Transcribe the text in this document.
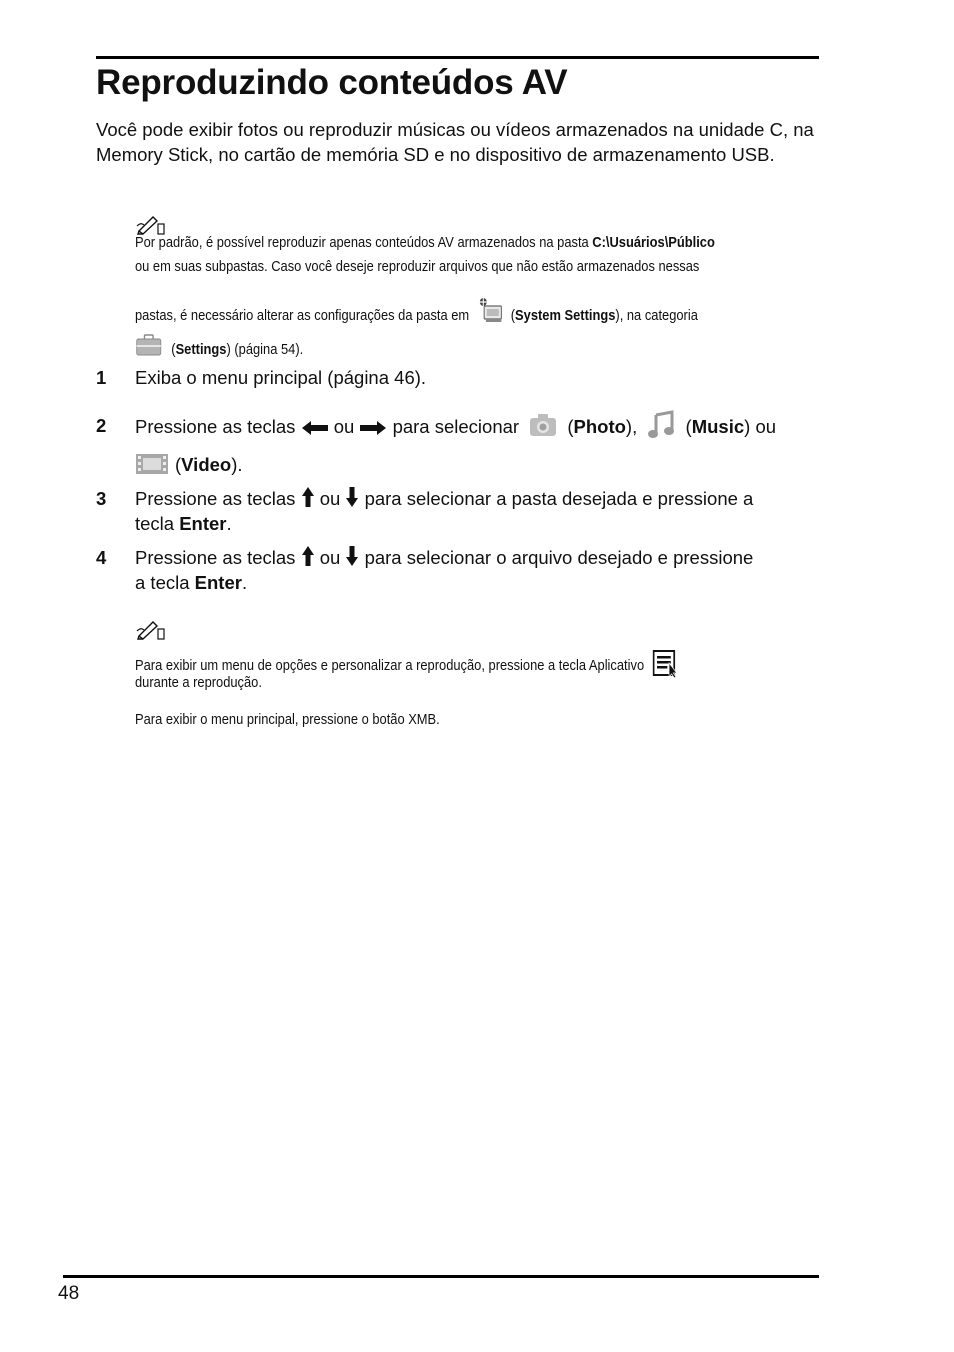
Reproduzindo conteúdos AV

Você pode exibir fotos ou reproduzir músicas ou vídeos armazenados na unidade C, na Memory Stick, no cartão de memória SD e no dispositivo de armazenamento USB.

Por padrão, é possível reproduzir apenas conteúdos AV armazenados na pasta C:\Usuários\Público
ou em suas subpastas. Caso você deseje reproduzir arquivos que não estão armazenados nessas
pastas, é necessário alterar as configurações da pasta em	(System Settings), na categoria
(Settings) (página 54).
1 Exiba o menu principal (página 46).
2 Pressione as teclas ou para selecionar  (Photo),  (Music) ou
(Video).
3 Pressione as teclas ou para selecionar a pasta desejada e pressione a
tecla Enter.
4 Pressione as teclas ou para selecionar o arquivo desejado e pressione
a tecla Enter.
Para exibir um menu de opções e personalizar a reprodução, pressione a tecla Aplicativo
durante a reprodução.
Para exibir o menu principal, pressione o botão XMB.
48
